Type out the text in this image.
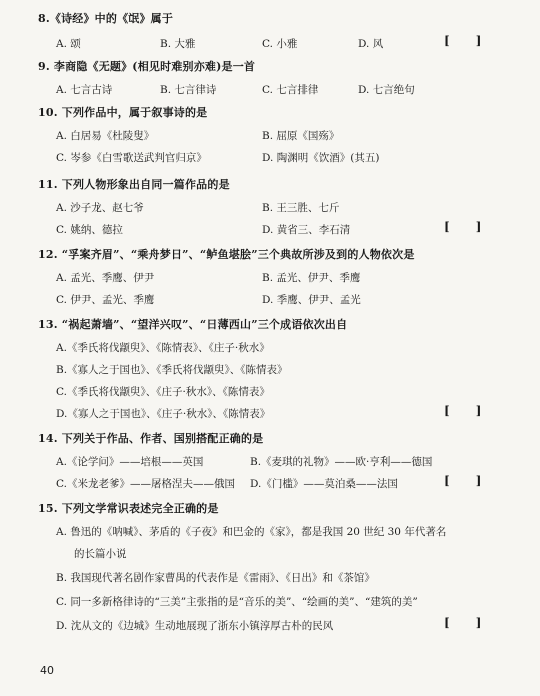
8.《诗经》中的《氓》属于
A. 颂	B. 大雅	C. 小雅	D. 风	[ ]
9. 李商隐《无题》(相见时难别亦难)是一首
A. 七言古诗	B. 七言律诗	C. 七言排律	D. 七言绝句
10. 下列作品中，属于叙事诗的是
A. 白居易《杜陵叟》	B. 屈原《国殇》
C. 岑参《白雪歌送武判官归京》	D. 陶渊明《饮酒》(其五)
11. 下列人物形象出自同一篇作品的是
A. 沙子龙、赵七爷	B. 王三胜、七斤
C. 姚纳、德拉	D. 黄省三、李石清	[ ]
12. “孚案齐眉”、“乘舟梦日”、“鲈鱼堪脍”三个典故所涉及到的人物依次是
A. 孟光、季鹰、伊尹	B. 孟光、伊尹、季鹰
C. 伊尹、孟光、季鹰	D. 季鹰、伊尹、孟光
13. “祸起萧墙”、“望洋兴叹”、“日薄西山”三个成语依次出自
A.《季氏将伐颛臾》、《陈情表》、《庄子·秋水》
B.《寡人之于国也》、《季氏将伐颛臾》、《陈情表》
C.《季氏将伐颛臾》、《庄子·秋水》、《陈情表》
D.《寡人之于国也》、《庄子·秋水》、《陈情表》	[ ]
14. 下列关于作品、作者、国别搭配正确的是
A.《论学问》——培根——英国	B.《麦琪的礼物》——欧·亨利——德国
C.《米龙老爹》——屠格涅夫——俄国 D.《门槛》——莫泊桑——法国	[ ]
15. 下列文学常识表述完全正确的是
A. 鲁迅的《呐喊》、茅盾的《子夜》和巴金的《家》，都是我国 20 世纪 30 年代著名
的长篇小说
B. 我国现代著名剧作家曹禺的代表作是《雷雨》、《日出》和《茶馆》
C. 同一多新格律诗的“三美”主张指的是“音乐的美”、“绘画的美”、“建筑的美”
D. 沈从文的《边城》生动地展现了浙东小镇淳厚古朴的民风	[ ]
40
